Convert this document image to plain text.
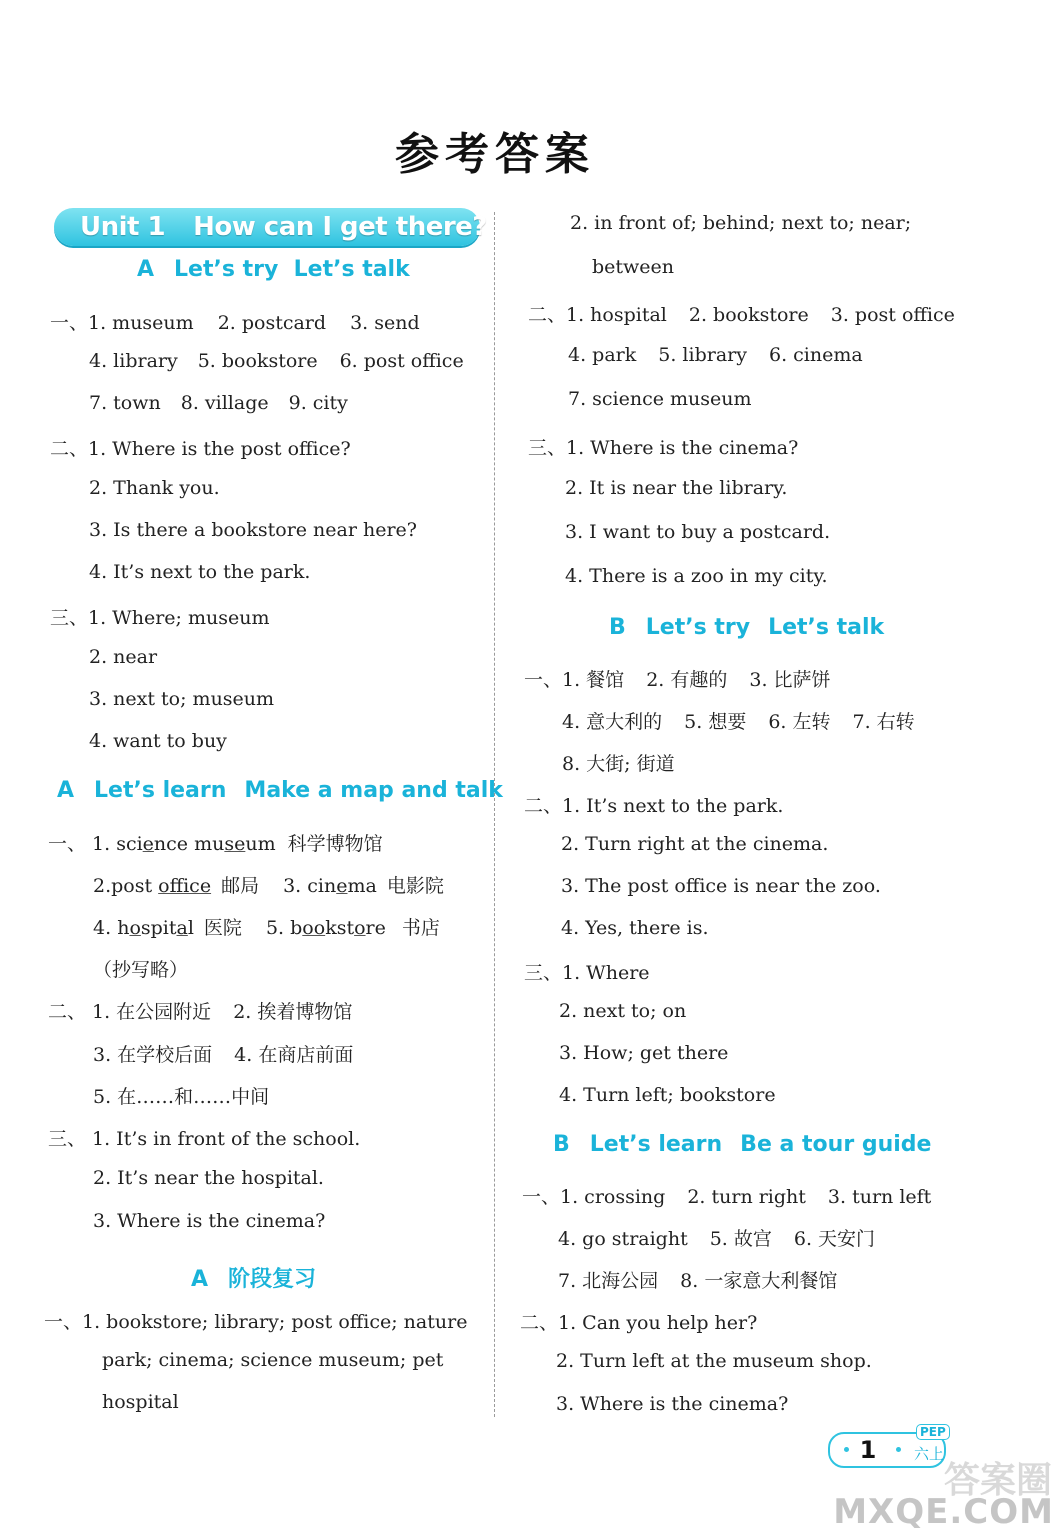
参考答案
Unit 1 How can I get there?
A Let’s try  Let’s talk
一、1. museum 2. postcard 3. send
4. library 5. bookstore 6. post office
7. town 8. village 9. city
二、1. Where is the post office?
2. Thank you.
3. Is there a bookstore near here?
4. It’s next to the park.
三、1. Where; museum
2. near
3. next to; museum
4. want to buy
A Let’s learn Make a map and talk
一、 1. science museum 科学博物馆
2.post office 邮局 3. cinema 电影院
4. hospital 医院 5. bookstore 书店
（抄写略）
二、 1. 在公园附近 2. 挨着博物馆
3. 在学校后面 4. 在商店前面
5. 在……和……中间
三、 1. It’s in front of the school.
2. It’s near the hospital.
3. Where is the cinema?
A 阶段复习
一、1. bookstore; library; post office; nature
park; cinema; science museum; pet
hospital
2. in front of; behind; next to; near;
between
二、1. hospital 2. bookstore 3. post office
4. park 5. library 6. cinema
7. science museum
三、1. Where is the cinema?
2. It is near the library.
3. I want to buy a postcard.
4. There is a zoo in my city.
B Let’s try Let’s talk
一、1. 餐馆 2. 有趣的 3. 比萨饼
4. 意大利的 5. 想要 6. 左转 7. 右转
8. 大街; 街道
二、1. It’s next to the park.
2. Turn right at the cinema.
3. The post office is near the zoo.
4. Yes, there is.
三、1. Where
2. next to; on
3. How; get there
4. Turn left; bookstore
B Let’s learn Be a tour guide
一、1. crossing 2. turn right 3. turn left
4. go straight 5. 故宫 6. 天安门
7. 北海公园 8. 一家意大利餐馆
二、1. Can you help her?
2. Turn left at the museum shop.
3. Where is the cinema?
1
PEP
六上
答案圈
MXQE.COM
